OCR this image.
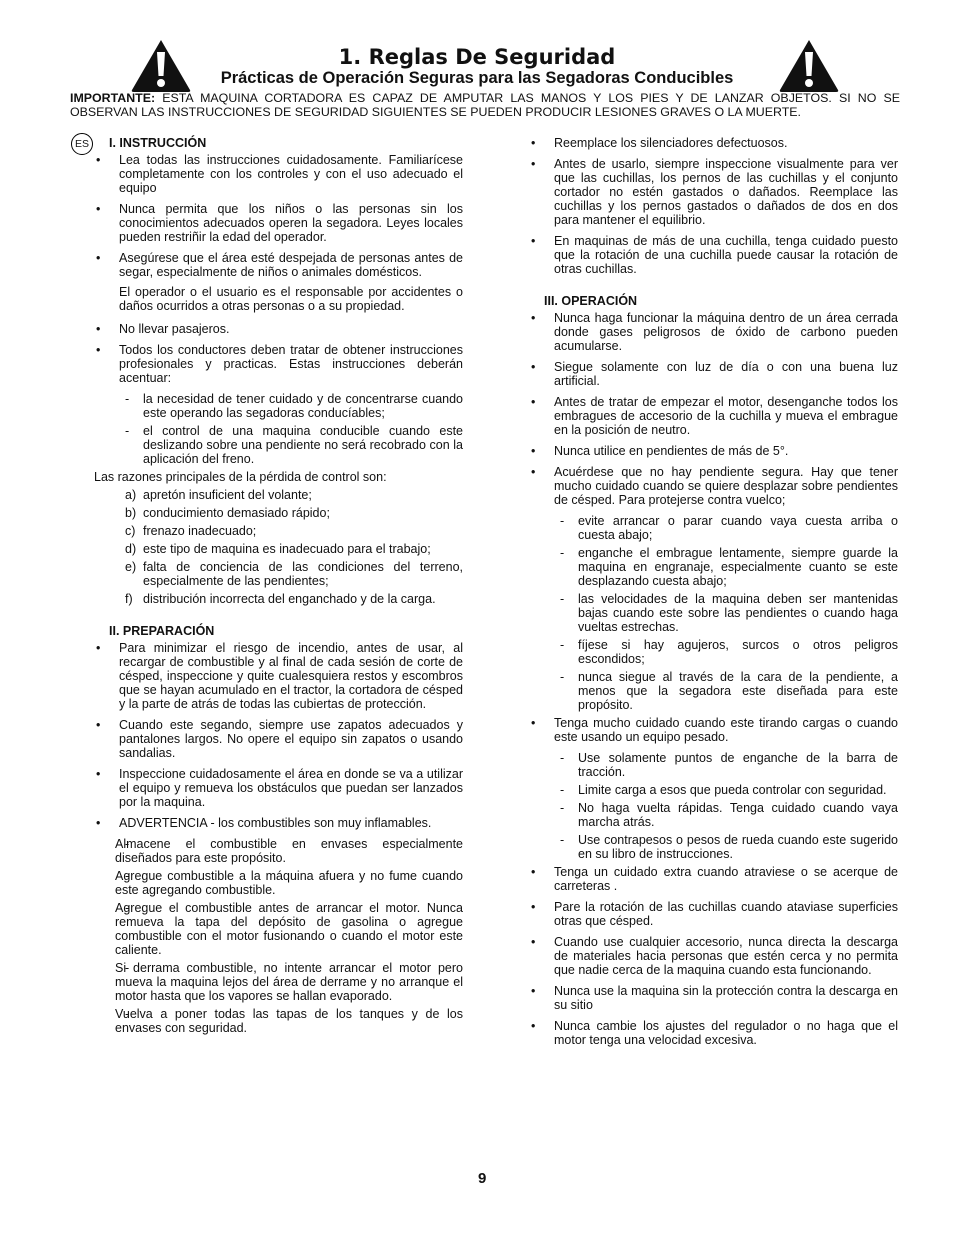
1. Reglas De Seguridad
Prácticas de Operación Seguras para las Segadoras Conducibles
IMPORTANTE: ESTA MAQUINA CORTADORA ES CAPAZ DE AMPUTAR LAS MANOS Y LOS PIES Y DE LANZAR OBJETOS. SI NO SE OBSERVAN LAS INSTRUCCIONES DE SEGURIDAD SIGUIENTES SE PUEDEN PRODUCIR LESIONES GRAVES O LA MUERTE.
ES	I. INSTRUCCIÓN
• Lea todas las instrucciones cuidadosamente. Familiarícese completamente con los controles y con el uso adecuado el equipo
• Nunca permita que los niños o las personas sin los conocimientos adecuados operen la segadora. Leyes locales pueden restriñir la edad del operador.
• Asegúrese que el área esté despejada de personas antes de segar, especialmente de niños o animales domésticos.
El operador o el usuario es el responsable por accidentes o daños ocurridos a otras personas o a su propiedad.
• No llevar pasajeros.
• Todos los conductores deben tratar de obtener instrucciones profesionales y practicas. Estas instrucciones deberán acentuar:
- la necesidad de tener cuidado y de concentrarse cuando este operando las segadoras conducíables;
- el control de una maquina conducible cuando este deslizando sobre una pendiente no será recobrado con la aplicación del freno.
Las razones principales de la pérdida de control son:
a) apretón insuficient del volante;
b) conducimiento demasiado rápido;
c) frenazo inadecuado;
d) este tipo de maquina es inadecuado para el trabajo;
e) falta de conciencia de las condiciones del terreno, especialmente de las pendientes;
f) distribución incorrecta del enganchado y de la carga.
II. PREPARACIÓN
• Para minimizar el riesgo de incendio, antes de usar, al recargar de combustible y al final de cada sesión de corte de césped, inspeccione y quite cualesquiera restos y escombros que se hayan acumulado en el tractor, la cortadora de césped y la parte de atrás de todas las cubiertas de protección.
• Cuando este segando, siempre use zapatos adecuados y pantalones largos. No opere el equipo sin zapatos o usando sandalias.
• Inspeccione cuidadosamente el área en donde se va a utilizar el equipo y remueva los obstáculos que puedan ser lanzados por la maquina.
• ADVERTENCIA - los combustibles son muy inflamables.
- Almacene el combustible en envases especialmente diseñados para este propósito.
- Agregue combustible a la máquina afuera y no fume cuando este agregando combustible.
- Agregue el combustible antes de arrancar el motor. Nunca remueva la tapa del depósito de gasolina o agregue combustible con el motor fusionando o cuando el motor este caliente.
- Si derrama combustible, no intente arrancar el motor pero mueva la maquina lejos del área de derrame y no arranque el motor hasta que los vapores se hallan evaporado.
- Vuelva a poner todas las tapas de los tanques y de los envases con seguridad.
• Reemplace los silenciadores defectuosos.
• Antes de usarlo, siempre inspeccione visualmente para ver que las cuchillas, los pernos de las cuchillas y el conjunto cortador no estén gastados o dañados. Reemplace las cuchillas y los pernos gastados o dañados de dos en dos para mantener el equilibrio.
• En maquinas de más de una cuchilla, tenga cuidado puesto que la rotación de una cuchilla puede causar la rotación de otras cuchillas.
III. OPERACIÓN
• Nunca haga funcionar la máquina dentro de un área cerrada donde gases peligrosos de óxido de carbono pueden acumularse.
• Siegue solamente con luz de día o con una buena luz artificial.
• Antes de tratar de empezar el motor, desenganche todos los embragues de accesorio de la cuchilla y mueva el embrague en la posición de neutro.
• Nunca utilice en pendientes de más de 5°.
• Acuérdese que no hay pendiente segura. Hay que tener mucho cuidado cuando se quiere desplazar sobre pendientes de césped. Para protejerse contra vuelco;
- evite arrancar o parar cuando vaya cuesta arriba o cuesta abajo;
- enganche el embrague lentamente, siempre guarde la maquina en engranaje, especialmente cuanto se este desplazando cuesta abajo;
- las velocidades de la maquina deben ser mantenidas bajas cuando este sobre las pendientes o cuando haga vueltas estrechas.
- fíjese si hay agujeros, surcos o otros peligros escondidos;
- nunca siegue al través de la cara de la pendiente, a menos que la segadora este diseñada para este propósito.
• Tenga mucho cuidado cuando este tirando cargas o cuando este usando un equipo pesado.
- Use solamente puntos de enganche de la barra de tracción.
- Limite carga a esos que pueda controlar con seguridad.
- No haga vuelta rápidas. Tenga cuidado cuando vaya marcha atrás.
- Use contrapesos o pesos de rueda cuando este sugerido en su libro de instrucciones.
• Tenga un cuidado extra cuando atraviese o se acerque de carreteras .
• Pare la rotación de las cuchillas cuando ataviase superficies otras que césped.
• Cuando use cualquier accesorio, nunca directa la descarga de materiales hacia personas que estén cerca y no permita que nadie cerca de la maquina cuando esta funcionando.
• Nunca use la maquina sin la protección contra la descarga en su sitio
• Nunca cambie los ajustes del regulador o no haga que el motor tenga una velocidad excesiva.
9
